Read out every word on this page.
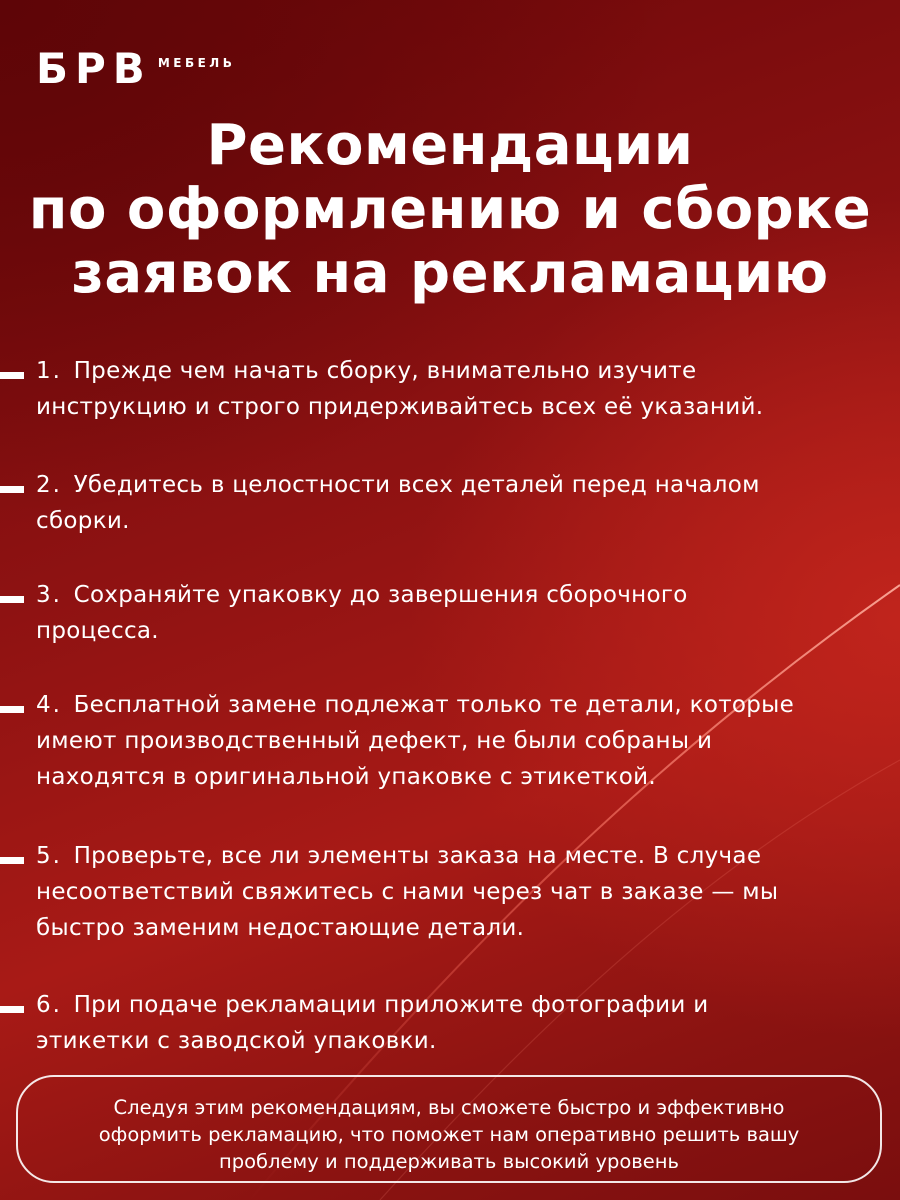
БРВ МЕБЕЛЬ
Рекомендации
по оформлению и сборке
заявок на рекламацию
1. Прежде чем начать сборку, внимательно изучите
инструкцию и строго придерживайтесь всех её указаний.
2. Убедитесь в целостности всех деталей перед началом
сборки.
3. Сохраняйте упаковку до завершения сборочного
процесса.
4. Бесплатной замене подлежат только те детали, которые
имеют производственный дефект, не были собраны и
находятся в оригинальной упаковке с этикеткой.
5. Проверьте, все ли элементы заказа на месте. В случае
несоответствий свяжитесь с нами через чат в заказе — мы
быстро заменим недостающие детали.
6. При подаче рекламации приложите фотографии и
этикетки с заводской упаковки.
Следуя этим рекомендациям, вы сможете быстро и эффективно
оформить рекламацию, что поможет нам оперативно решить вашу
проблему и поддерживать высокий уровень
